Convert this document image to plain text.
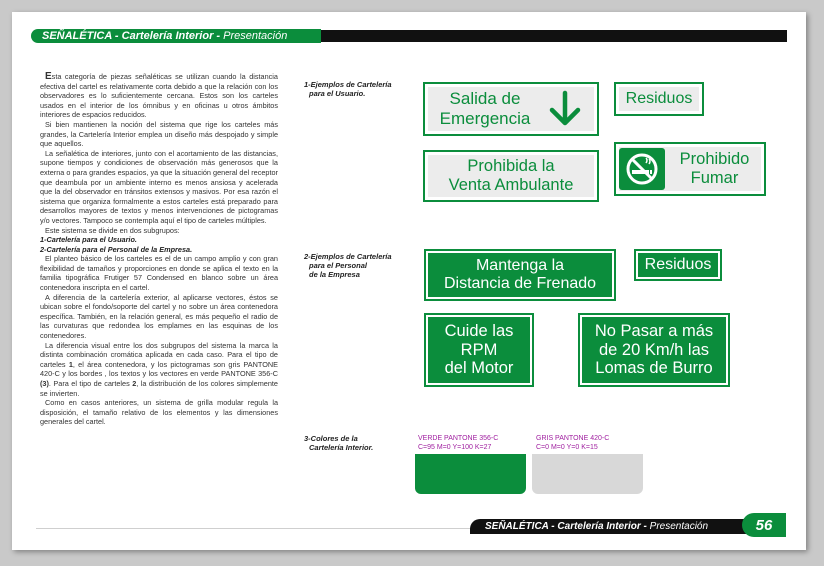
SEÑALÉTICA - Cartelería Interior - Presentación

Esta categoría de piezas señaléticas se utilizan cuando la distancia efectiva del cartel es relativamente corta debido a que la relación con los observadores es lo suficientemente cercana. Estos son los carteles usados en el interior de los ómnibus y en oficinas u otros ámbitos interiores de espacios reducidos.

Si bien mantienen la noción del sistema que rige los carteles más grandes, la Cartelería Interior emplea un diseño más despojado y simple que aquellos.

La señalética de interiores, junto con el acortamiento de las distancias, supone tiempos y condiciones de observación más generosos que la externa o para grandes espacios, ya que la situación general del receptor que deambula por un ambiente interno es menos ansiosa y acelerada que la del observador en tránsitos extensos y masivos. Por esa razón el sistema que organiza formalmente a estos carteles está preparado para desarrollos mayores de textos y menos intervenciones de pictogramas y/o vectores. Tampoco se contempla aquí el tipo de carteles múltiples.

Este sistema se divide en dos subgrupos:

1-Cartelería para el Usuario.

2-Cartelería para el Personal de la Empresa.

El planteo básico de los carteles es el de un campo amplio y con gran flexibilidad de tamaños y proporciones en donde se aplica el texto en la familia tipográfica Frutiger 57 Condensed en blanco sobre un área contenedora inscripta en el cartel.

A diferencia de la cartelería exterior, al aplicarse vectores, éstos se ubican sobre el fondo/soporte del cartel y no sobre un área contenedora específica. También, en la relación general, es más pequeño el radio de las curvaturas que redondea los emplames en las esquinas de los contenedores.

La diferencia visual entre los dos subgrupos del sistema la marca la distinta combinación cromática aplicada en cada caso. Para el tipo de carteles 1, el área contenedora, y los pictogramas son gris PANTONE 420-C y los bordes , los textos y los vectores en verde PANTONE 356-C (3). Para el tipo de carteles 2, la distribución de los colores simplemente se invierten.

Como en casos anteriores, un sistema de grilla modular regula la disposición, el tamaño relativo de los elementos y las dimensiones generales del cartel.

1-Ejemplos de Cartelería
para el Usuario.
2-Ejemplos de Cartelería
para el Personal
de la Empresa
3-Colores de la
Cartelería Interior.
Salida de
Emergencia
Residuos
Prohibida la
Venta Ambulante
Prohibido
Fumar
Mantenga la
Distancia de Frenado
Residuos
Cuide las
RPM
del Motor
No Pasar a más
de 20 Km/h las
Lomas de Burro
VERDE PANTONE 356-C
C=95 M=0 Y=100 K=27
GRIS PANTONE 420-C
C=0 M=0 Y=0 K=15
SEÑALÉTICA - Cartelería Interior - Presentación	56
